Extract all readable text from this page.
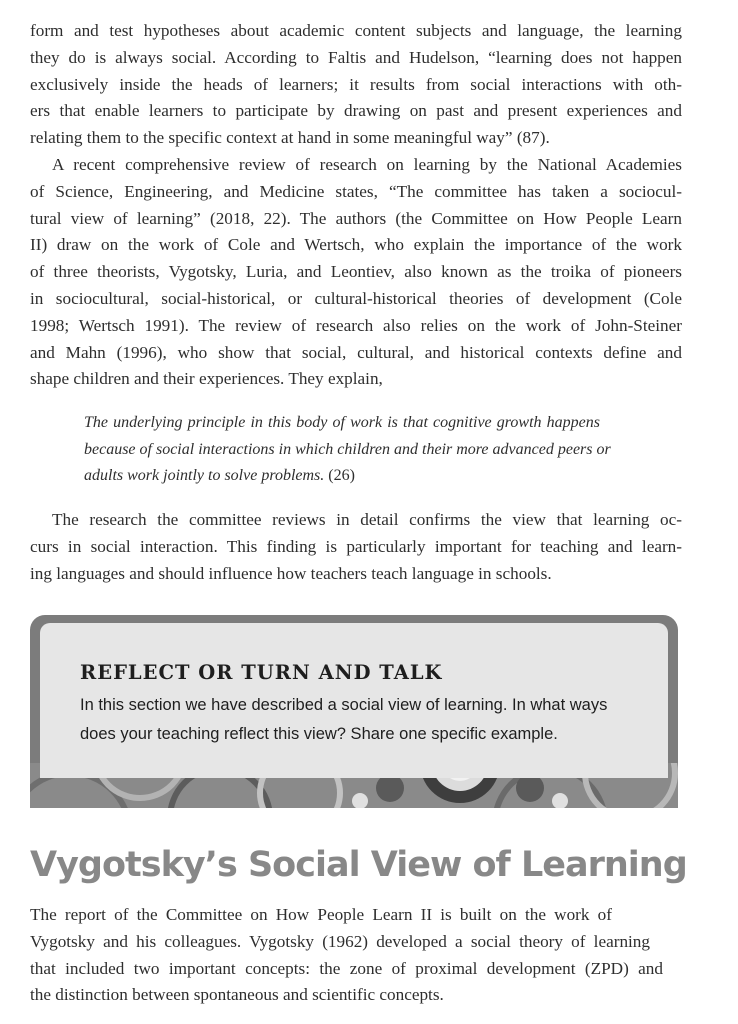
form and test hypotheses about academic content subjects and language, the learning
they do is always social. According to Faltis and Hudelson, “learning does not happen
exclusively inside the heads of learners; it results from social interactions with oth-
ers that enable learners to participate by drawing on past and present experiences and
relating them to the specific context at hand in some meaningful way” (87).
A recent comprehensive review of research on learning by the National Academies
of Science, Engineering, and Medicine states, “The committee has taken a sociocul-
tural view of learning” (2018, 22). The authors (the Committee on How People Learn
II) draw on the work of Cole and Wertsch, who explain the importance of the work
of three theorists, Vygotsky, Luria, and Leontiev, also known as the troika of pioneers
in sociocultural, social-historical, or cultural-historical theories of development (Cole
1998; Wertsch 1991). The review of research also relies on the work of John-Steiner
and Mahn (1996), who show that social, cultural, and historical contexts define and
shape children and their experiences. They explain,
The underlying principle in this body of work is that cognitive growth happens
because of social interactions in which children and their more advanced peers or
adults work jointly to solve problems. (26)
The research the committee reviews in detail confirms the view that learning oc-
curs in social interaction. This finding is particularly important for teaching and learn-
ing languages and should influence how teachers teach language in schools.

REFLECT OR TURN AND TALK

In this section we have described a social view of learning. In what ways
does your teaching reflect this view? Share one specific example.
Vygotsky’s Social View of Learning
The report of the Committee on How People Learn II is built on the work of
Vygotsky and his colleagues. Vygotsky (1962) developed a social theory of learning
that included two important concepts: the zone of proximal development (ZPD) and
the distinction between spontaneous and scientific concepts.
